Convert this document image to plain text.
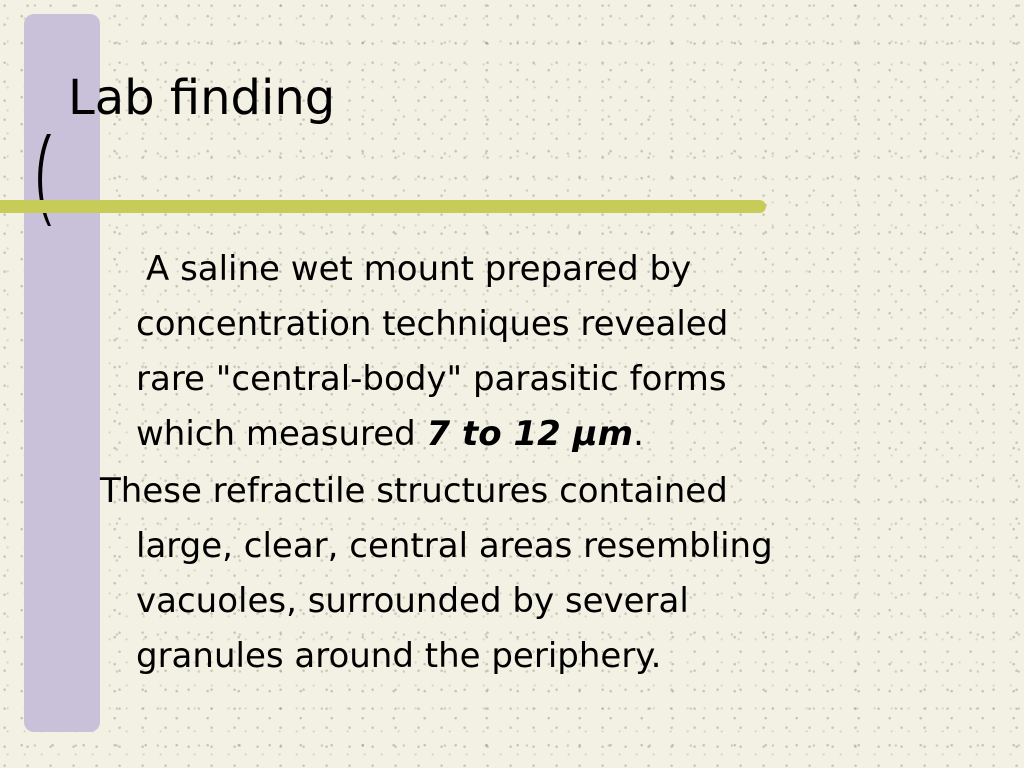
Lab finding
A saline wet mount prepared by
concentration techniques revealed
rare "central-body" parasitic forms
which measured 7 to 12 µm.
These refractile structures contained
large, clear, central areas resembling
vacuoles, surrounded by several
granules around the periphery.
